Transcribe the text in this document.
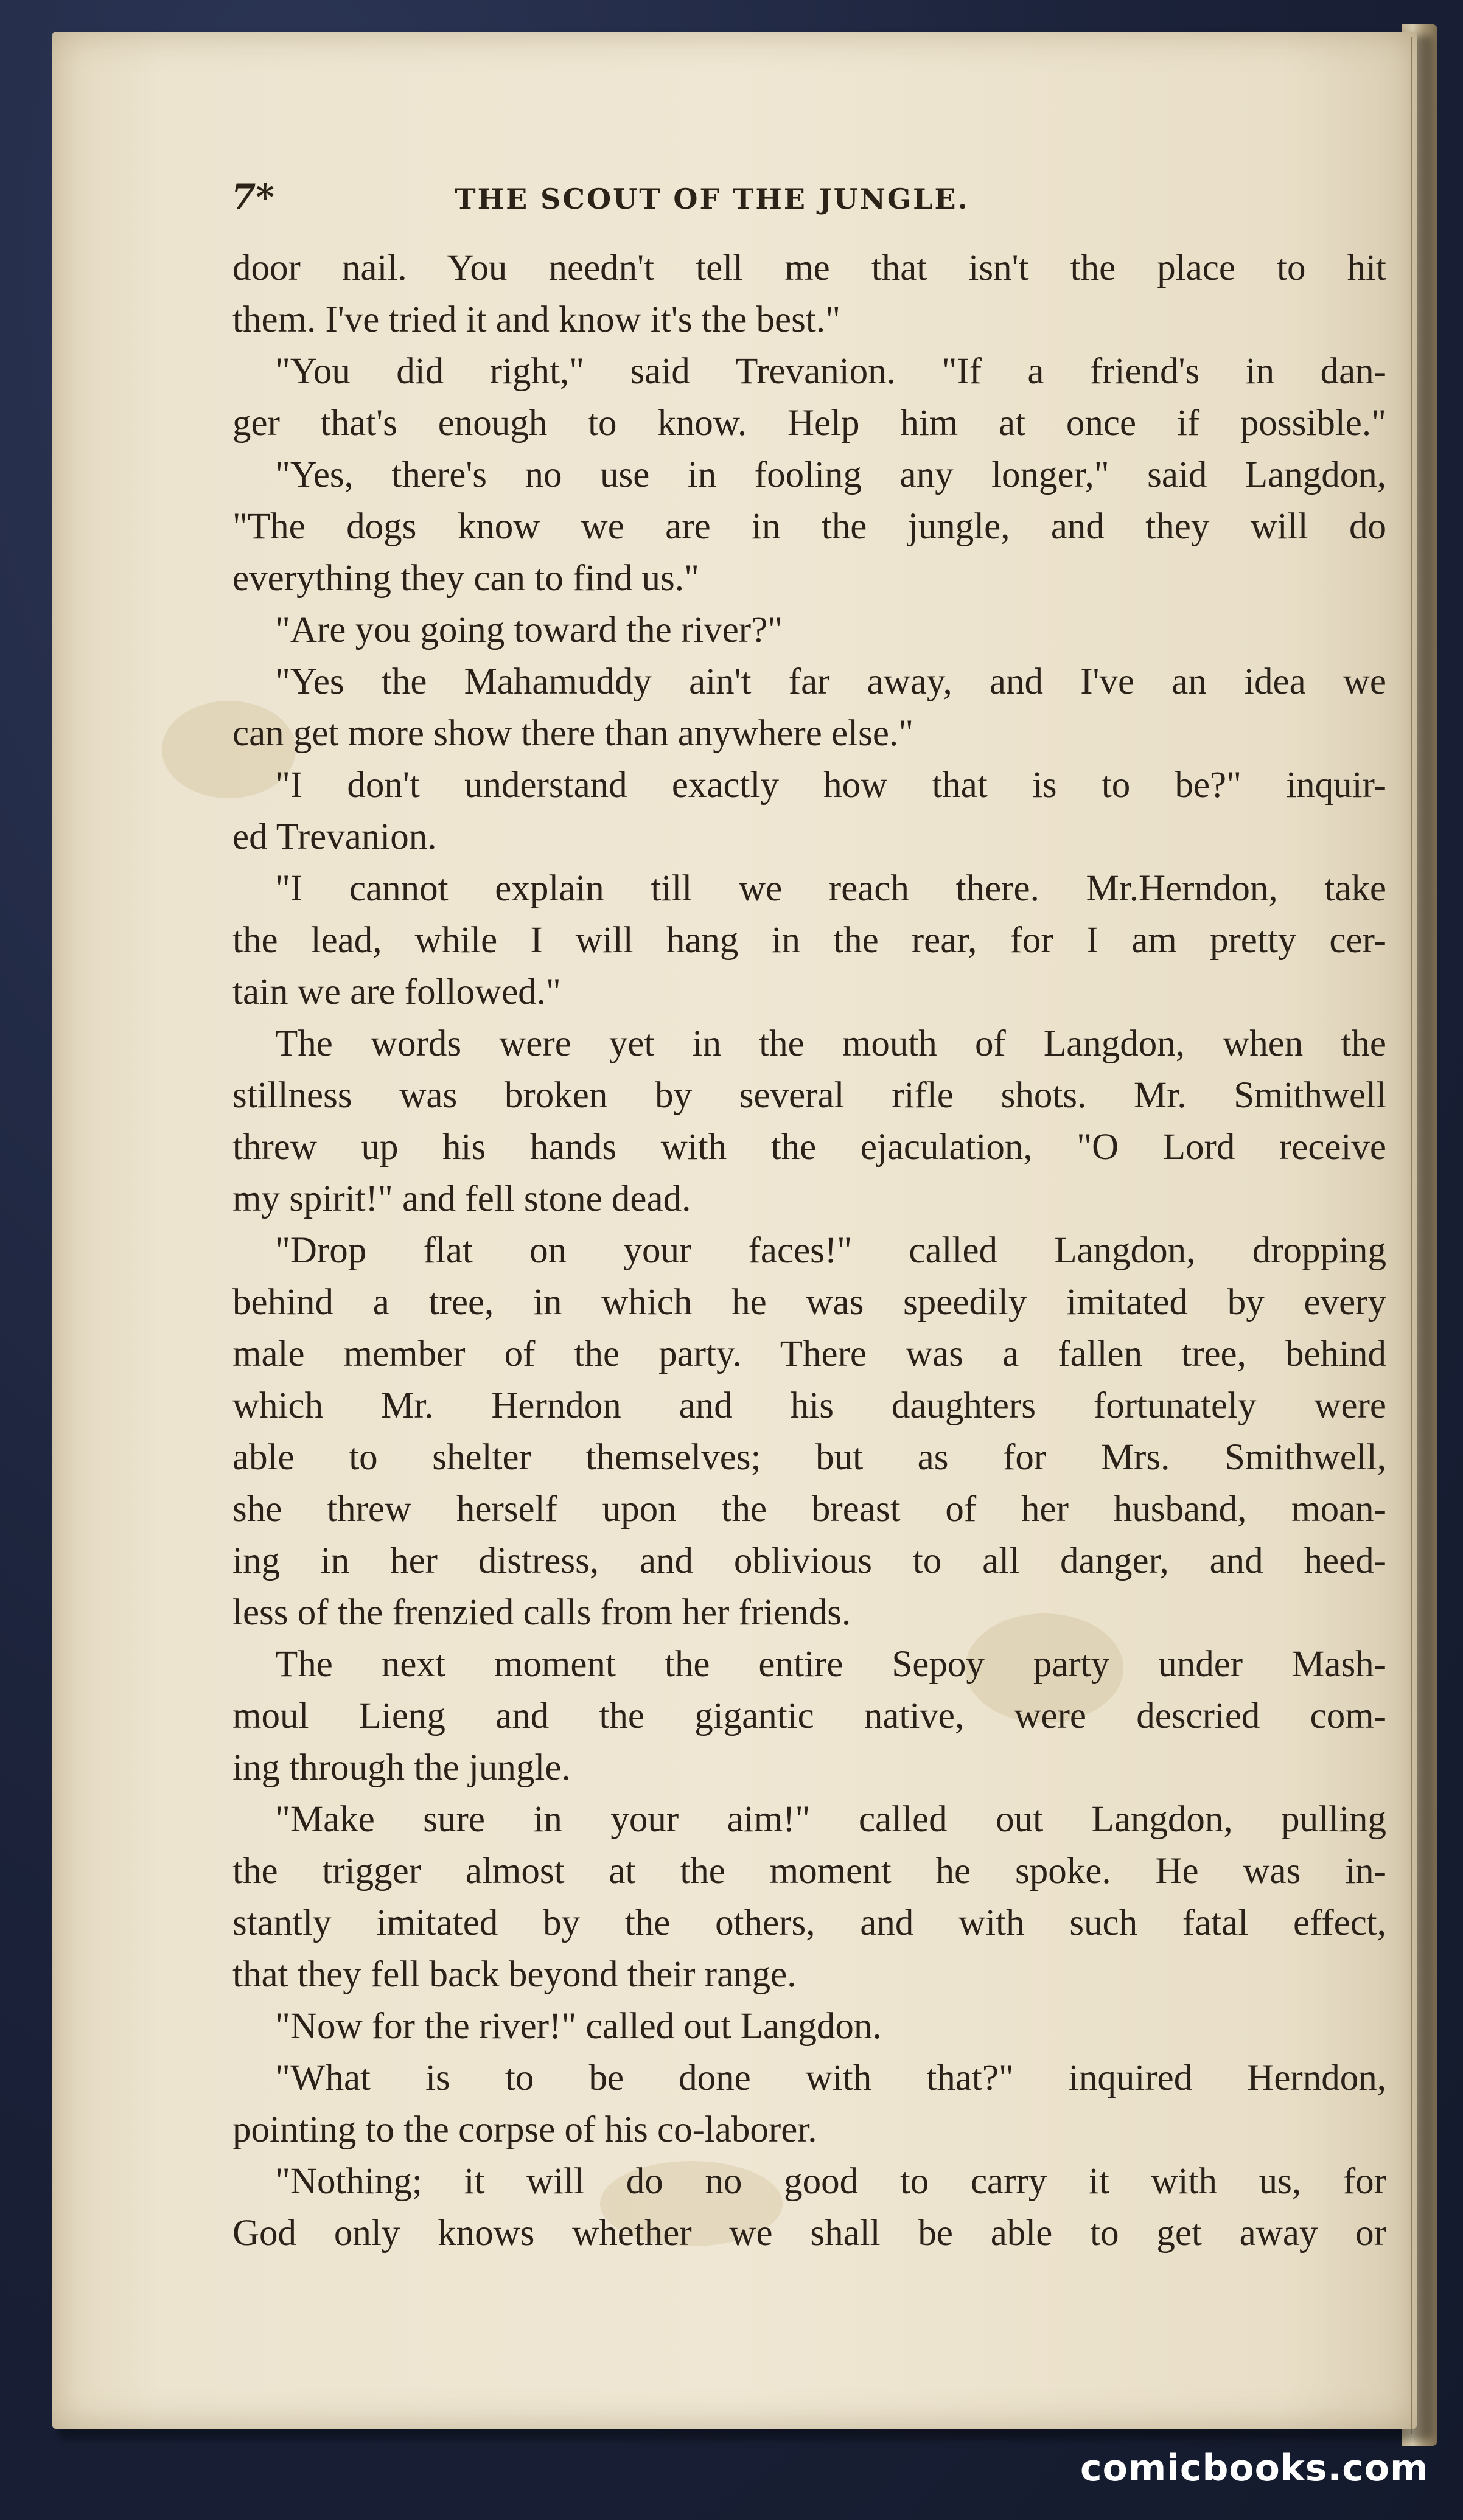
7*	THE SCOUT OF THE JUNGLE.
door nail. You needn't tell me that isn't the place to hit
them. I've tried it and know it's the best."
"You did right," said Trevanion. "If a friend's in dan-
ger that's enough to know. Help him at once if possible."
"Yes, there's no use in fooling any longer," said Langdon,
"The dogs know we are in the jungle, and they will do
everything they can to find us."
"Are you going toward the river?"
"Yes the Mahamuddy ain't far away, and I've an idea we
can get more show there than anywhere else."
"I don't understand exactly how that is to be?" inquir-
ed Trevanion.
"I cannot explain till we reach there. Mr.Herndon, take
the lead, while I will hang in the rear, for I am pretty cer-
tain we are followed."
The words were yet in the mouth of Langdon, when the
stillness was broken by several rifle shots. Mr. Smithwell
threw up his hands with the ejaculation, "O Lord receive
my spirit!" and fell stone dead.
"Drop flat on your faces!" called Langdon, dropping
behind a tree, in which he was speedily imitated by every
male member of the party. There was a fallen tree, behind
which Mr. Herndon and his daughters fortunately were
able to shelter themselves; but as for Mrs. Smithwell,
she threw herself upon the breast of her husband, moan-
ing in her distress, and oblivious to all danger, and heed-
less of the frenzied calls from her friends.
The next moment the entire Sepoy party under Mash-
moul Lieng and the gigantic native, were descried com-
ing through the jungle.
"Make sure in your aim!" called out Langdon, pulling
the trigger almost at the moment he spoke. He was in-
stantly imitated by the others, and with such fatal effect,
that they fell back beyond their range.
"Now for the river!" called out Langdon.
"What is to be done with that?" inquired Herndon,
pointing to the corpse of his co-laborer.
"Nothing; it will do no good to carry it with us, for
God only knows whether we shall be able to get away or
comicbooks.com
